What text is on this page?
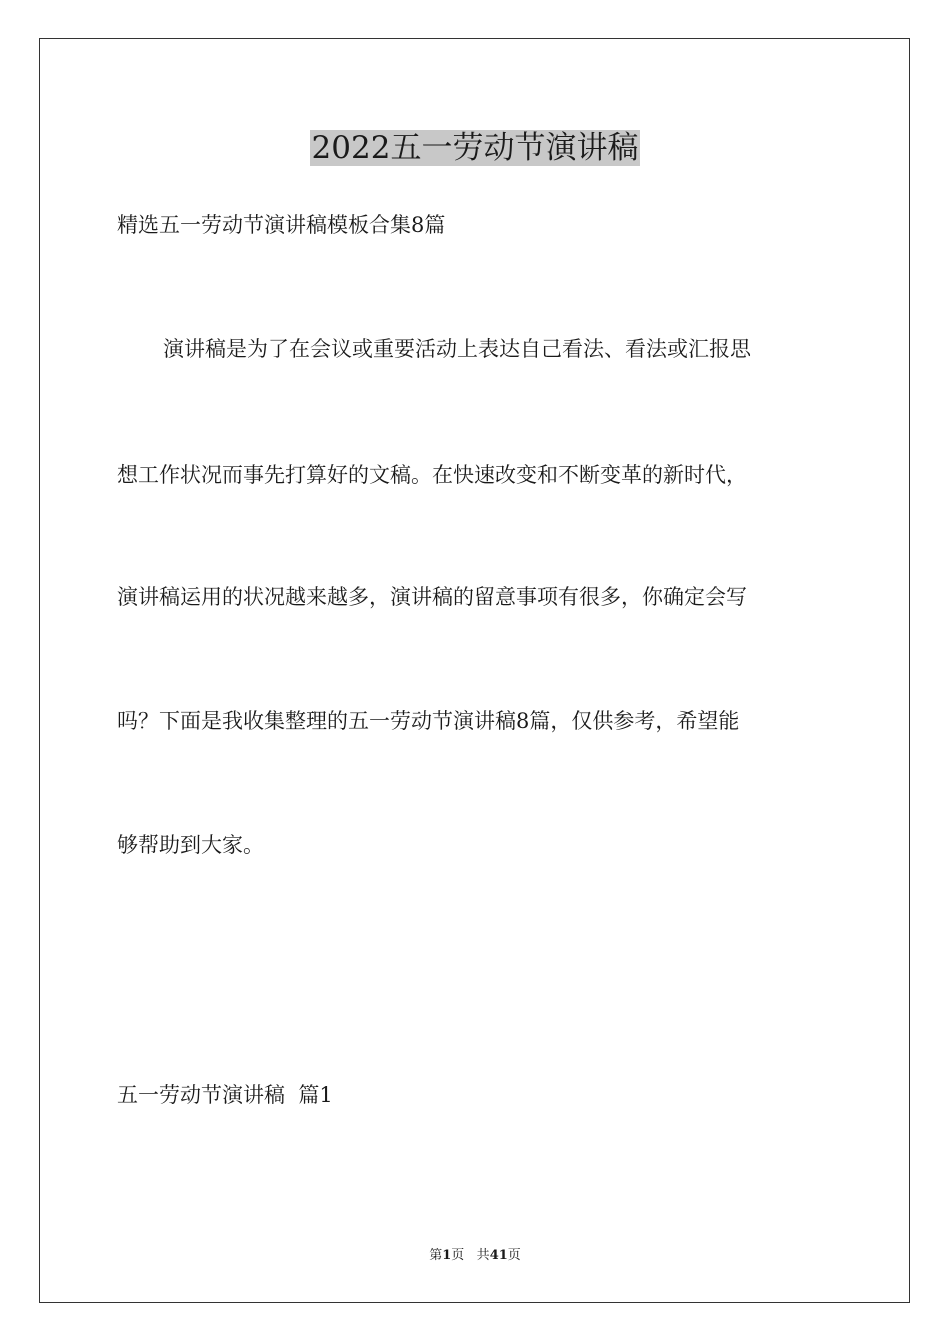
2022五一劳动节演讲稿

精选五一劳动节演讲稿模板合集8篇

演讲稿是为了在会议或重要活动上表达自己看法、看法或汇报思

想工作状况而事先打算好的文稿。在快速改变和不断变革的新时代，

演讲稿运用的状况越来越多，演讲稿的留意事项有很多，你确定会写

吗？下面是我收集整理的五一劳动节演讲稿8篇，仅供参考，希望能

够帮助到大家。

五一劳动节演讲稿  篇1

第1页 共41页
